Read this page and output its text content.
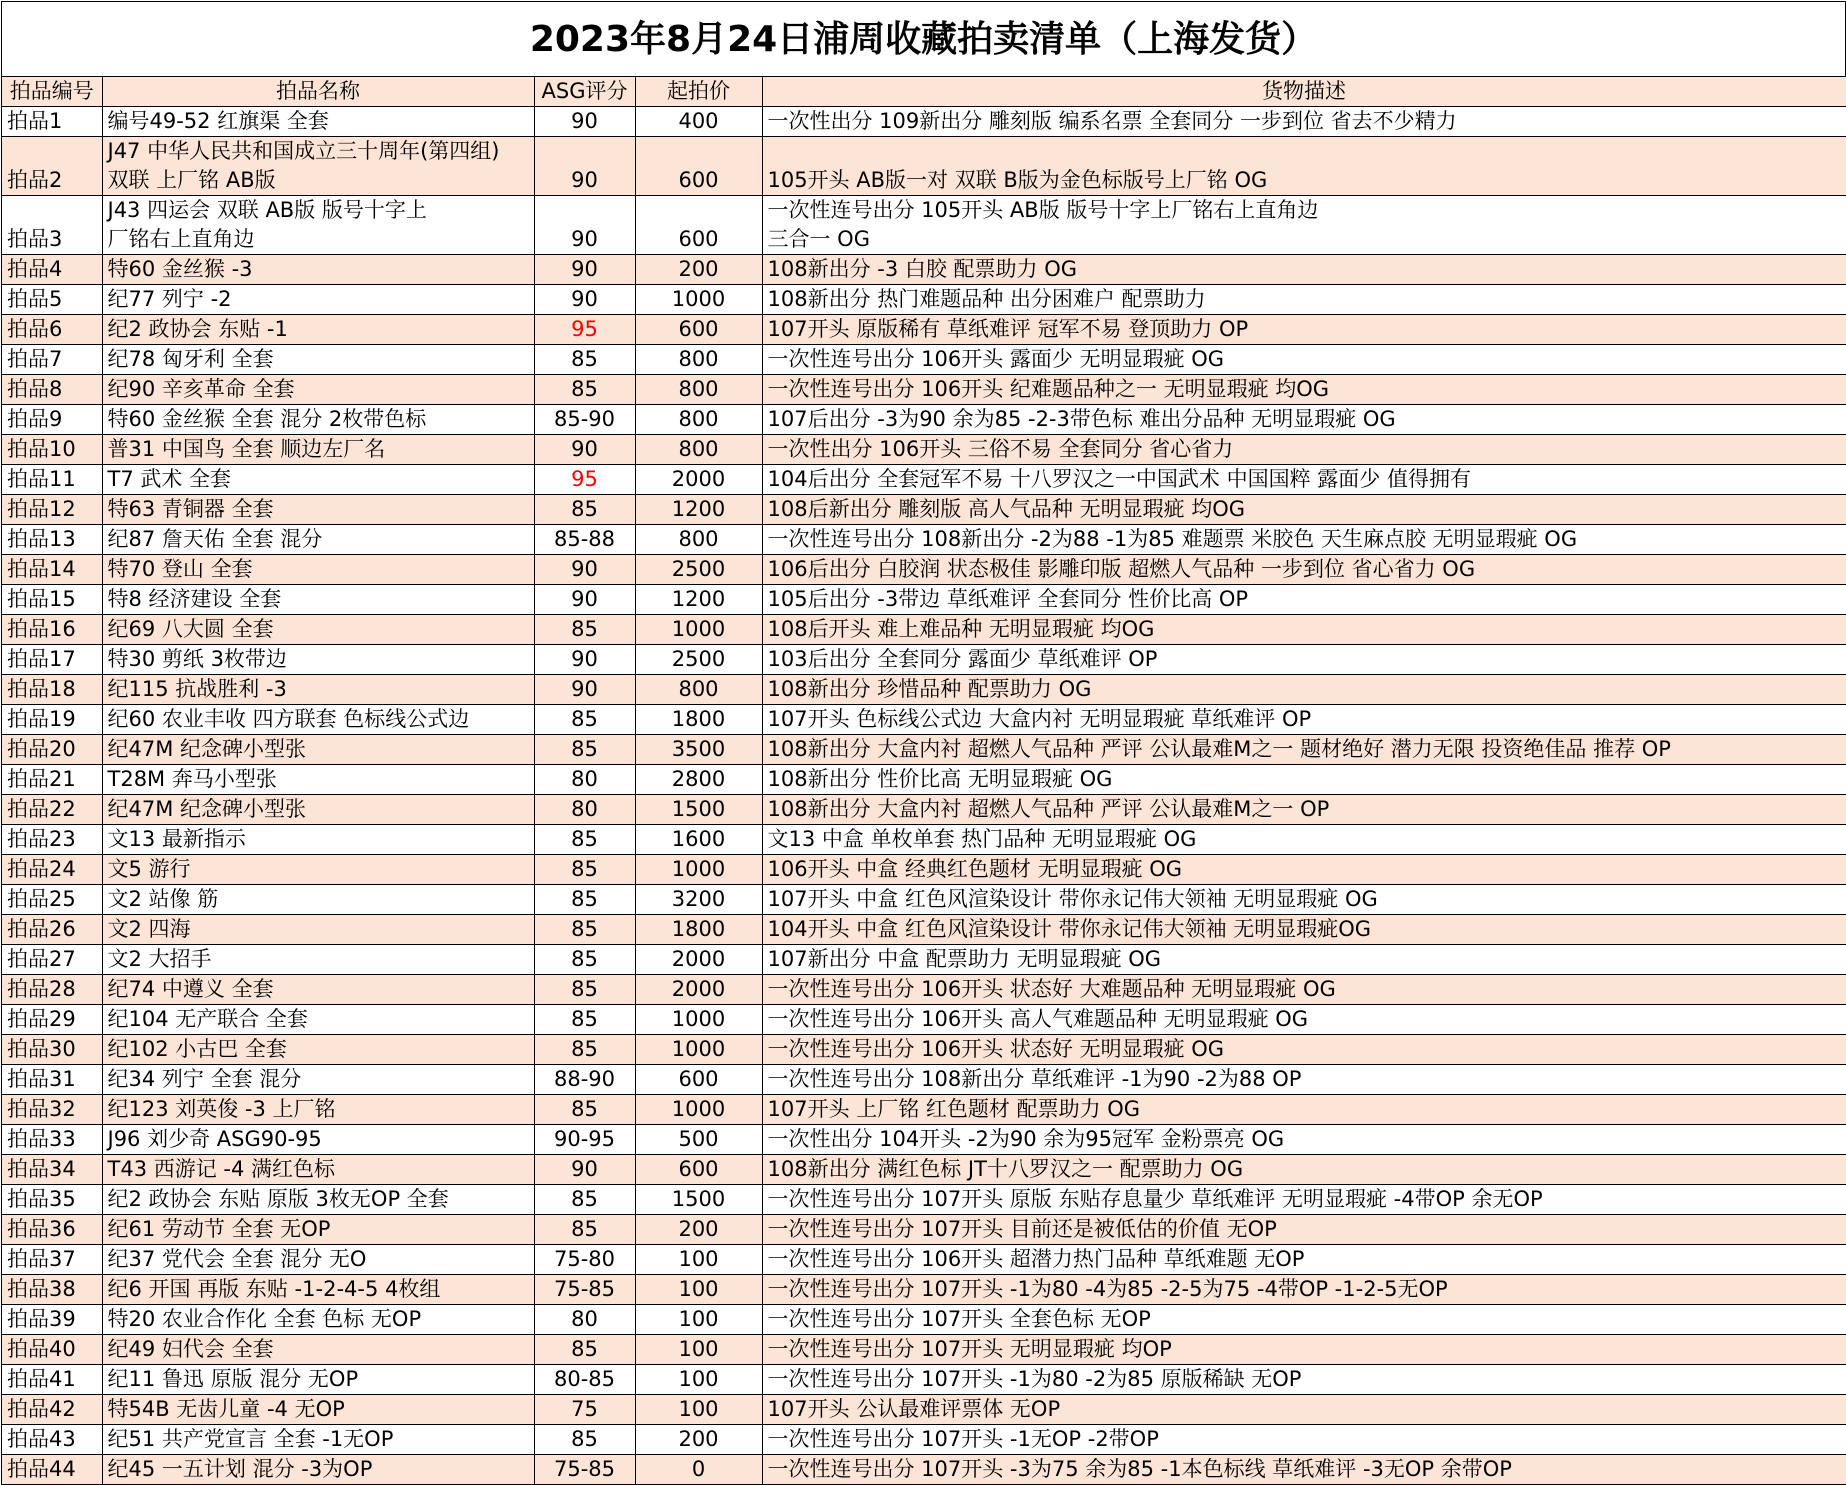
2023年8月24日浦周收藏拍卖清单（上海发货）
拍品编号	拍品名称	ASG评分	起拍价	货物描述
拍品1	编号49-52 红旗渠 全套	90	400	一次性出分 109新出分 雕刻版 编系名票 全套同分 一步到位 省去不少精力
拍品2	J47 中华人民共和国成立三十周年(第四组)
双联 上厂铭 AB版	90	600	105开头 AB版一对 双联 B版为金色标版号上厂铭 OG
拍品3	J43 四运会 双联 AB版 版号十字上
厂铭右上直角边	90	600	一次性连号出分 105开头 AB版 版号十字上厂铭右上直角边
三合一 OG
拍品4	特60 金丝猴 -3	90	200	108新出分 -3 白胶 配票助力 OG
拍品5	纪77 列宁 -2	90	1000	108新出分 热门难题品种 出分困难户 配票助力
拍品6	纪2 政协会 东贴 -1	95	600	107开头 原版稀有 草纸难评 冠军不易 登顶助力 OP
拍品7	纪78 匈牙利 全套	85	800	一次性连号出分 106开头 露面少 无明显瑕疵 OG
拍品8	纪90 辛亥革命 全套	85	800	一次性连号出分 106开头 纪难题品种之一 无明显瑕疵 均OG
拍品9	特60 金丝猴 全套 混分 2枚带色标	85-90	800	107后出分 -3为90 余为85 -2-3带色标 难出分品种 无明显瑕疵 OG
拍品10	普31 中国鸟 全套 顺边左厂名	90	800	一次性出分 106开头 三俗不易 全套同分 省心省力
拍品11	T7 武术 全套	95	2000	104后出分 全套冠军不易 十八罗汉之一中国武术 中国国粹 露面少 值得拥有
拍品12	特63 青铜器 全套	85	1200	108后新出分 雕刻版 高人气品种 无明显瑕疵 均OG
拍品13	纪87 詹天佑 全套 混分	85-88	800	一次性连号出分 108新出分 -2为88 -1为85 难题票 米胶色 天生麻点胶 无明显瑕疵 OG
拍品14	特70 登山 全套	90	2500	106后出分 白胶润 状态极佳 影雕印版 超燃人气品种 一步到位 省心省力 OG
拍品15	特8 经济建设 全套	90	1200	105后出分 -3带边 草纸难评 全套同分 性价比高 OP
拍品16	纪69 八大圆 全套	85	1000	108后开头 难上难品种 无明显瑕疵 均OG
拍品17	特30 剪纸 3枚带边	90	2500	103后出分 全套同分 露面少 草纸难评 OP
拍品18	纪115 抗战胜利 -3	90	800	108新出分 珍惜品种 配票助力 OG
拍品19	纪60 农业丰收 四方联套 色标线公式边	85	1800	107开头 色标线公式边 大盒内衬 无明显瑕疵 草纸难评 OP
拍品20	纪47M 纪念碑小型张	85	3500	108新出分 大盒内衬 超燃人气品种 严评 公认最难M之一 题材绝好 潜力无限 投资绝佳品 推荐 OP
拍品21	T28M 奔马小型张	80	2800	108新出分 性价比高 无明显瑕疵 OG
拍品22	纪47M 纪念碑小型张	80	1500	108新出分 大盒内衬 超燃人气品种 严评 公认最难M之一 OP
拍品23	文13 最新指示	85	1600	文13 中盒 单枚单套 热门品种 无明显瑕疵 OG
拍品24	文5 游行	85	1000	106开头 中盒 经典红色题材 无明显瑕疵 OG
拍品25	文2 站像 筋	85	3200	107开头 中盒 红色风渲染设计 带你永记伟大领袖 无明显瑕疵 OG
拍品26	文2 四海	85	1800	104开头 中盒 红色风渲染设计 带你永记伟大领袖 无明显瑕疵OG
拍品27	文2 大招手	85	2000	107新出分 中盒 配票助力 无明显瑕疵 OG
拍品28	纪74 中遵义 全套	85	2000	一次性连号出分 106开头 状态好 大难题品种 无明显瑕疵 OG
拍品29	纪104 无产联合 全套	85	1000	一次性连号出分 106开头 高人气难题品种 无明显瑕疵 OG
拍品30	纪102 小古巴 全套	85	1000	一次性连号出分 106开头 状态好 无明显瑕疵 OG
拍品31	纪34 列宁 全套 混分	88-90	600	一次性连号出分 108新出分 草纸难评 -1为90 -2为88 OP
拍品32	纪123 刘英俊 -3 上厂铭	85	1000	107开头 上厂铭 红色题材 配票助力 OG
拍品33	J96 刘少奇 ASG90-95	90-95	500	一次性出分 104开头 -2为90 余为95冠军 金粉票亮 OG
拍品34	T43 西游记 -4 满红色标	90	600	108新出分 满红色标 JT十八罗汉之一 配票助力 OG
拍品35	纪2 政协会 东贴 原版 3枚无OP 全套	85	1500	一次性连号出分 107开头 原版 东贴存息量少 草纸难评 无明显瑕疵 -4带OP 余无OP
拍品36	纪61 劳动节 全套 无OP	85	200	一次性连号出分 107开头 目前还是被低估的价值 无OP
拍品37	纪37 党代会 全套 混分 无O	75-80	100	一次性连号出分 106开头 超潜力热门品种 草纸难题 无OP
拍品38	纪6 开国 再版 东贴 -1-2-4-5 4枚组	75-85	100	一次性连号出分 107开头 -1为80 -4为85 -2-5为75 -4带OP -1-2-5无OP
拍品39	特20 农业合作化 全套 色标 无OP	80	100	一次性连号出分 107开头 全套色标 无OP
拍品40	纪49 妇代会 全套	85	100	一次性连号出分 107开头 无明显瑕疵 均OP
拍品41	纪11 鲁迅 原版 混分 无OP	80-85	100	一次性连号出分 107开头 -1为80 -2为85 原版稀缺 无OP
拍品42	特54B 无齿儿童 -4 无OP	75	100	107开头 公认最难评票体 无OP
拍品43	纪51 共产党宣言 全套 -1无OP	85	200	一次性连号出分 107开头 -1无OP -2带OP
拍品44	纪45 一五计划 混分 -3为OP	75-85	0	一次性连号出分 107开头 -3为75 余为85 -1本色标线 草纸难评 -3无OP 余带OP
